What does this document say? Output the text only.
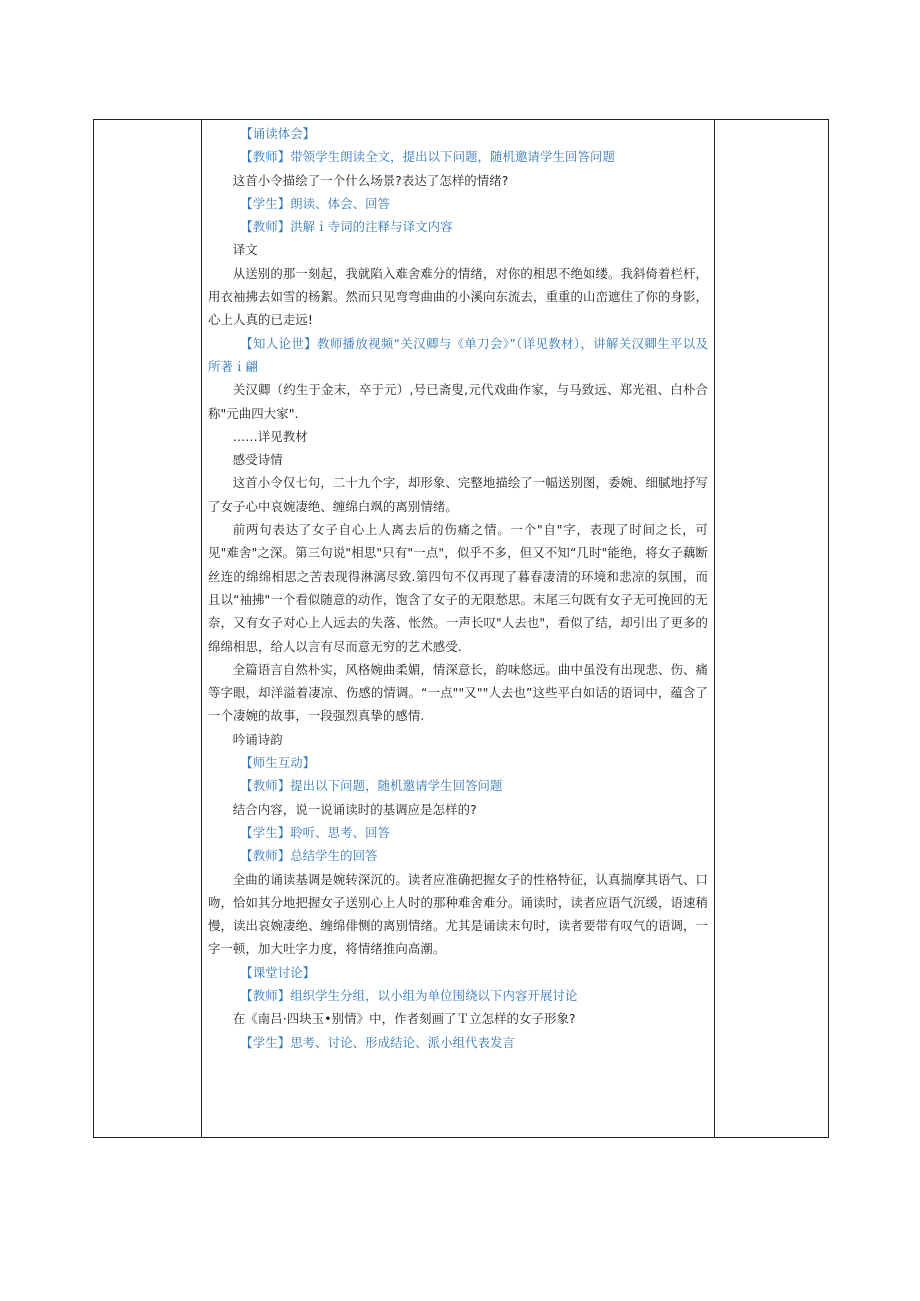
【诵读体会】

【教师】带领学生朗读全文，提出以下问题，随机邀请学生回答问题

这首小令描绘了一个什么场景?表达了怎样的情绪?

【学生】朗读、体会、回答

【教师】洪解ｉ寺词的注释与译文内容

译文

从送别的那一刻起，我就陷入难舍难分的情绪，对你的相思不绝如缕。我斜倚着栏杆，用衣袖拂去如雪的杨絮。然而只见弯弯曲曲的小溪向东流去，重重的山峦遮住了你的身影，心上人真的已走远!

【知人论世】教师播放视频“关汉卿与《单刀会》”（详见教材），讲解关汉卿生平以及所著ｉ翩

关汉卿（约生于金末，卒于元）,号已斋叟,元代戏曲作家，与马致远、郑光祖、白朴合称"元曲四大家".

……详见教材

感受诗情

这首小令仅七句，二十九个字，却形象、完整地描绘了一幅送别图，委婉、细腻地抒写了女子心中哀婉凄绝、缠绵白飒的离别情绪。

前两句表达了女子自心上人离去后的伤痛之情。一个"自"字，表现了时间之长，可见"难舍"之深。第三句说"相思"只有"一点"，似乎不多，但又不知“几时"能绝，将女子藕断丝连的绵绵相思之苦表现得淋漓尽致.第四句不仅再现了暮春凄清的环境和悲凉的氛围，而且以“袖拂"一个看似随意的动作，饱含了女子的无限愁思。末尾三句既有女子无可挽回的无奈，又有女子对心上人远去的失落、怅然。一声长叹"人去也"，看似了结，却引出了更多的绵绵相思，给人以言有尽而意无穷的艺术感受.

全篇语言自然朴实，风格婉曲柔媚，情深意长，韵味悠远。曲中虽没有出现悲、伤、痛等字眼，却洋溢着凄凉、伤感的情调。“一点""又""人去也”这些平白如话的语词中，蕴含了一个凄婉的故事，一段强烈真挚的感情.

吟诵诗韵

【师生互动】

【教师】提出以下问题，随机邀请学生回答问题

结合内容，说一说诵读时的基调应是怎样的?

【学生】聆听、思考、回答

【教师】总结学生的回答

全曲的诵读基调是婉转深沉的。读者应准确把握女子的性格特征，认真揣摩其语气、口吻，恰如其分地把握女子送别心上人时的那种难舍难分。诵读时，读者应语气沉缓，语速稍慢，读出哀婉凄绝、缠绵俳恻的离别情绪。尤其是诵读末句时，读者要带有叹气的语调，一字一顿，加大吐字力度，将情绪推向高潮。

【课堂讨论】

【教师】组织学生分组，以小组为单位围绕以下内容开展讨论

在《南吕·四块玉•别情》中，作者刻画了Ｔ立怎样的女子形象?

【学生】思考、讨论、形成结论、派小组代表发言
